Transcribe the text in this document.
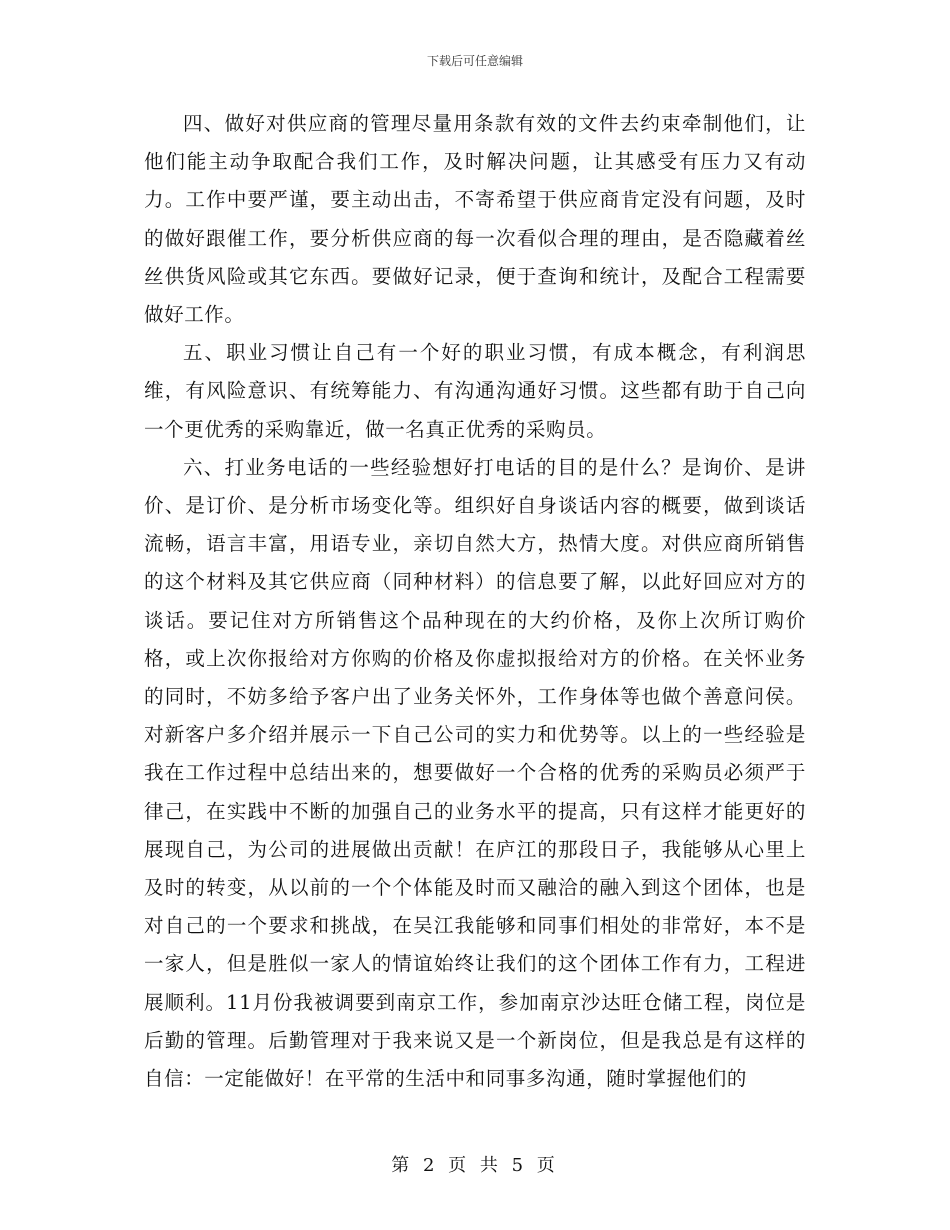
下载后可任意编辑

四、做好对供应商的管理尽量用条款有效的文件去约束牵制他们，让他们能主动争取配合我们工作，及时解决问题，让其感受有压力又有动力。工作中要严谨，要主动出击，不寄希望于供应商肯定没有问题，及时的做好跟催工作，要分析供应商的每一次看似合理的理由，是否隐藏着丝丝供货风险或其它东西。要做好记录，便于查询和统计，及配合工程需要做好工作。

五、职业习惯让自己有一个好的职业习惯，有成本概念，有利润思维，有风险意识、有统筹能力、有沟通沟通好习惯。这些都有助于自己向一个更优秀的采购靠近，做一名真正优秀的采购员。

六、打业务电话的一些经验想好打电话的目的是什么？是询价、是讲价、是订价、是分析市场变化等。组织好自身谈话内容的概要，做到谈话流畅，语言丰富，用语专业，亲切自然大方，热情大度。对供应商所销售的这个材料及其它供应商（同种材料）的信息要了解，以此好回应对方的谈话。要记住对方所销售这个品种现在的大约价格，及你上次所订购价格，或上次你报给对方你购的价格及你虚拟报给对方的价格。在关怀业务的同时，不妨多给予客户出了业务关怀外，工作身体等也做个善意问侯。对新客户多介绍并展示一下自己公司的实力和优势等。以上的一些经验是我在工作过程中总结出来的，想要做好一个合格的优秀的采购员必须严于律己，在实践中不断的加强自己的业务水平的提高，只有这样才能更好的展现自己，为公司的进展做出贡献！在庐江的那段日子，我能够从心里上及时的转变，从以前的一个个体能及时而又融洽的融入到这个团体，也是对自己的一个要求和挑战，在吴江我能够和同事们相处的非常好，本不是一家人，但是胜似一家人的情谊始终让我们的这个团体工作有力，工程进展顺利。11月份我被调要到南京工作，参加南京沙达旺仓储工程，岗位是后勤的管理。后勤管理对于我来说又是一个新岗位，但是我总是有这样的自信：一定能做好！在平常的生活中和同事多沟通，随时掌握他们的

第 2 页 共 5 页
